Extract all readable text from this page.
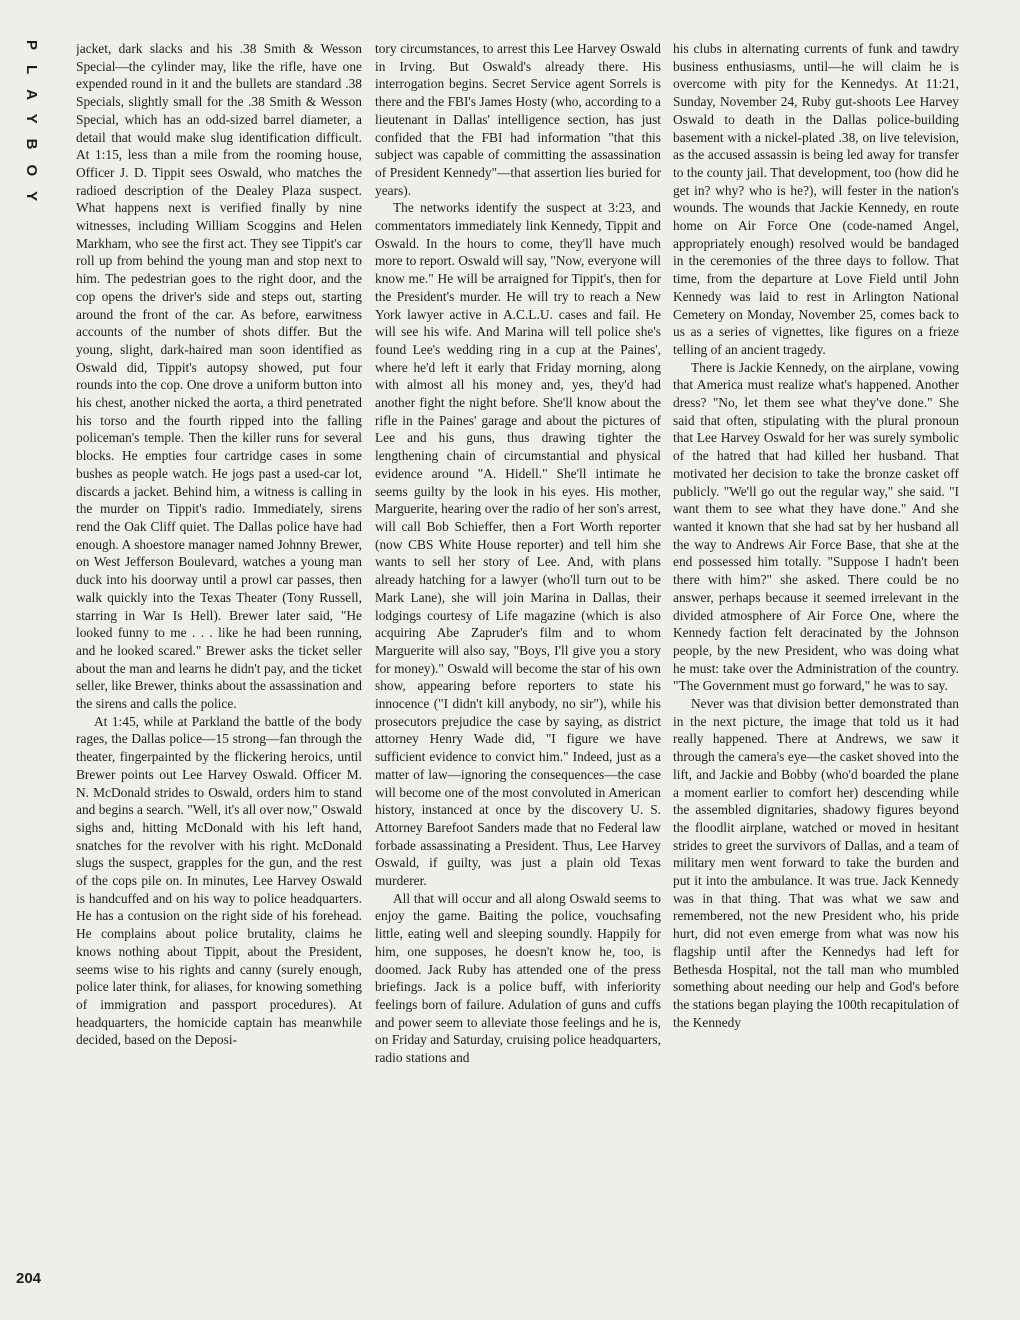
PLAYBOY	jacket, dark slacks and his .38 Smith & Wesson Special—the cylinder may, like the rifle, have one expended round in it and the bullets are standard .38 Specials, slightly small for the .38 Smith & Wesson Special, which has an odd-sized barrel diameter, a detail that would make slug identification difficult. At 1:15, less than a mile from the rooming house, Officer J. D. Tippit sees Oswald, who matches the radioed description of the Dealey Plaza suspect. What happens next is verified finally by nine witnesses, including William Scoggins and Helen Markham, who see the first act. They see Tippit's car roll up from behind the young man and stop next to him. The pedestrian goes to the right door, and the cop opens the driver's side and steps out, starting around the front of the car. As before, earwitness accounts of the number of shots differ. But the young, slight, dark-haired man soon identified as Oswald did, Tippit's autopsy showed, put four rounds into the cop. One drove a uniform button into his chest, another nicked the aorta, a third penetrated his torso and the fourth ripped into the falling policeman's temple. Then the killer runs for several blocks. He empties four cartridge cases in some bushes as people watch. He jogs past a used-car lot, discards a jacket. Behind him, a witness is calling in the murder on Tippit's radio. Immediately, sirens rend the Oak Cliff quiet. The Dallas police have had enough. A shoestore manager named Johnny Brewer, on West Jefferson Boulevard, watches a young man duck into his doorway until a prowl car passes, then walk quickly into the Texas Theater (Tony Russell, starring in War Is Hell). Brewer later said, "He looked funny to me . . . like he had been running, and he looked scared." Brewer asks the ticket seller about the man and learns he didn't pay, and the ticket seller, like Brewer, thinks about the assassination and the sirens and calls the police.

At 1:45, while at Parkland the battle of the body rages, the Dallas police—15 strong—fan through the theater, fingerpainted by the flickering heroics, until Brewer points out Lee Harvey Oswald. Officer M. N. McDonald strides to Oswald, orders him to stand and begins a search. "Well, it's all over now," Oswald sighs and, hitting McDonald with his left hand, snatches for the revolver with his right. McDonald slugs the suspect, grapples for the gun, and the rest of the cops pile on. In minutes, Lee Harvey Oswald is handcuffed and on his way to police headquarters. He has a contusion on the right side of his forehead. He complains about police brutality, claims he knows nothing about Tippit, about the President, seems wise to his rights and canny (surely enough, police later think, for aliases, for knowing something of immigration and passport procedures). At headquarters, the homicide captain has meanwhile decided, based on the Deposi-

tory circumstances, to arrest this Lee Harvey Oswald in Irving. But Oswald's already there. His interrogation begins. Secret Service agent Sorrels is there and the FBI's James Hosty (who, according to a lieutenant in Dallas' intelligence section, has just confided that the FBI had information "that this subject was capable of committing the assassination of President Kennedy"—that assertion lies buried for years).

The networks identify the suspect at 3:23, and commentators immediately link Kennedy, Tippit and Oswald. In the hours to come, they'll have much more to report. Oswald will say, "Now, everyone will know me." He will be arraigned for Tippit's, then for the President's murder. He will try to reach a New York lawyer active in A.C.L.U. cases and fail. He will see his wife. And Marina will tell police she's found Lee's wedding ring in a cup at the Paines', where he'd left it early that Friday morning, along with almost all his money and, yes, they'd had another fight the night before. She'll know about the rifle in the Paines' garage and about the pictures of Lee and his guns, thus drawing tighter the lengthening chain of circumstantial and physical evidence around "A. Hidell." She'll intimate he seems guilty by the look in his eyes. His mother, Marguerite, hearing over the radio of her son's arrest, will call Bob Schieffer, then a Fort Worth reporter (now CBS White House reporter) and tell him she wants to sell her story of Lee. And, with plans already hatching for a lawyer (who'll turn out to be Mark Lane), she will join Marina in Dallas, their lodgings courtesy of Life magazine (which is also acquiring Abe Zapruder's film and to whom Marguerite will also say, "Boys, I'll give you a story for money)." Oswald will become the star of his own show, appearing before reporters to state his innocence ("I didn't kill anybody, no sir"), while his prosecutors prejudice the case by saying, as district attorney Henry Wade did, "I figure we have sufficient evidence to convict him." Indeed, just as a matter of law—ignoring the consequences—the case will become one of the most convoluted in American history, instanced at once by the discovery U. S. Attorney Barefoot Sanders made that no Federal law forbade assassinating a President. Thus, Lee Harvey Oswald, if guilty, was just a plain old Texas murderer.

All that will occur and all along Oswald seems to enjoy the game. Baiting the police, vouchsafing little, eating well and sleeping soundly. Happily for him, one supposes, he doesn't know he, too, is doomed. Jack Ruby has attended one of the press briefings. Jack is a police buff, with inferiority feelings born of failure. Adulation of guns and cuffs and power seem to alleviate those feelings and he is, on Friday and Saturday, cruising police headquarters, radio stations and

his clubs in alternating currents of funk and tawdry business enthusiasms, until—he will claim he is overcome with pity for the Kennedys. At 11:21, Sunday, November 24, Ruby gut-shoots Lee Harvey Oswald to death in the Dallas police-building basement with a nickel-plated .38, on live television, as the accused assassin is being led away for transfer to the county jail. That development, too (how did he get in? why? who is he?), will fester in the nation's wounds. The wounds that Jackie Kennedy, en route home on Air Force One (code-named Angel, appropriately enough) resolved would be bandaged in the ceremonies of the three days to follow. That time, from the departure at Love Field until John Kennedy was laid to rest in Arlington National Cemetery on Monday, November 25, comes back to us as a series of vignettes, like figures on a frieze telling of an ancient tragedy.

There is Jackie Kennedy, on the airplane, vowing that America must realize what's happened. Another dress? "No, let them see what they've done." She said that often, stipulating with the plural pronoun that Lee Harvey Oswald for her was surely symbolic of the hatred that had killed her husband. That motivated her decision to take the bronze casket off publicly. "We'll go out the regular way," she said. "I want them to see what they have done." And she wanted it known that she had sat by her husband all the way to Andrews Air Force Base, that she at the end possessed him totally. "Suppose I hadn't been there with him?" she asked. There could be no answer, perhaps because it seemed irrelevant in the divided atmosphere of Air Force One, where the Kennedy faction felt deracinated by the Johnson people, by the new President, who was doing what he must: take over the Administration of the country. "The Government must go forward," he was to say.

Never was that division better demonstrated than in the next picture, the image that told us it had really happened. There at Andrews, we saw it through the camera's eye—the casket shoved into the lift, and Jackie and Bobby (who'd boarded the plane a moment earlier to comfort her) descending while the assembled dignitaries, shadowy figures beyond the floodlit airplane, watched or moved in hesitant strides to greet the survivors of Dallas, and a team of military men went forward to take the burden and put it into the ambulance. It was true. Jack Kennedy was in that thing. That was what we saw and remembered, not the new President who, his pride hurt, did not even emerge from what was now his flagship until after the Kennedys had left for Bethesda Hospital, not the tall man who mumbled something about needing our help and God's before the stations began playing the 100th recapitulation of the Kennedy

204
